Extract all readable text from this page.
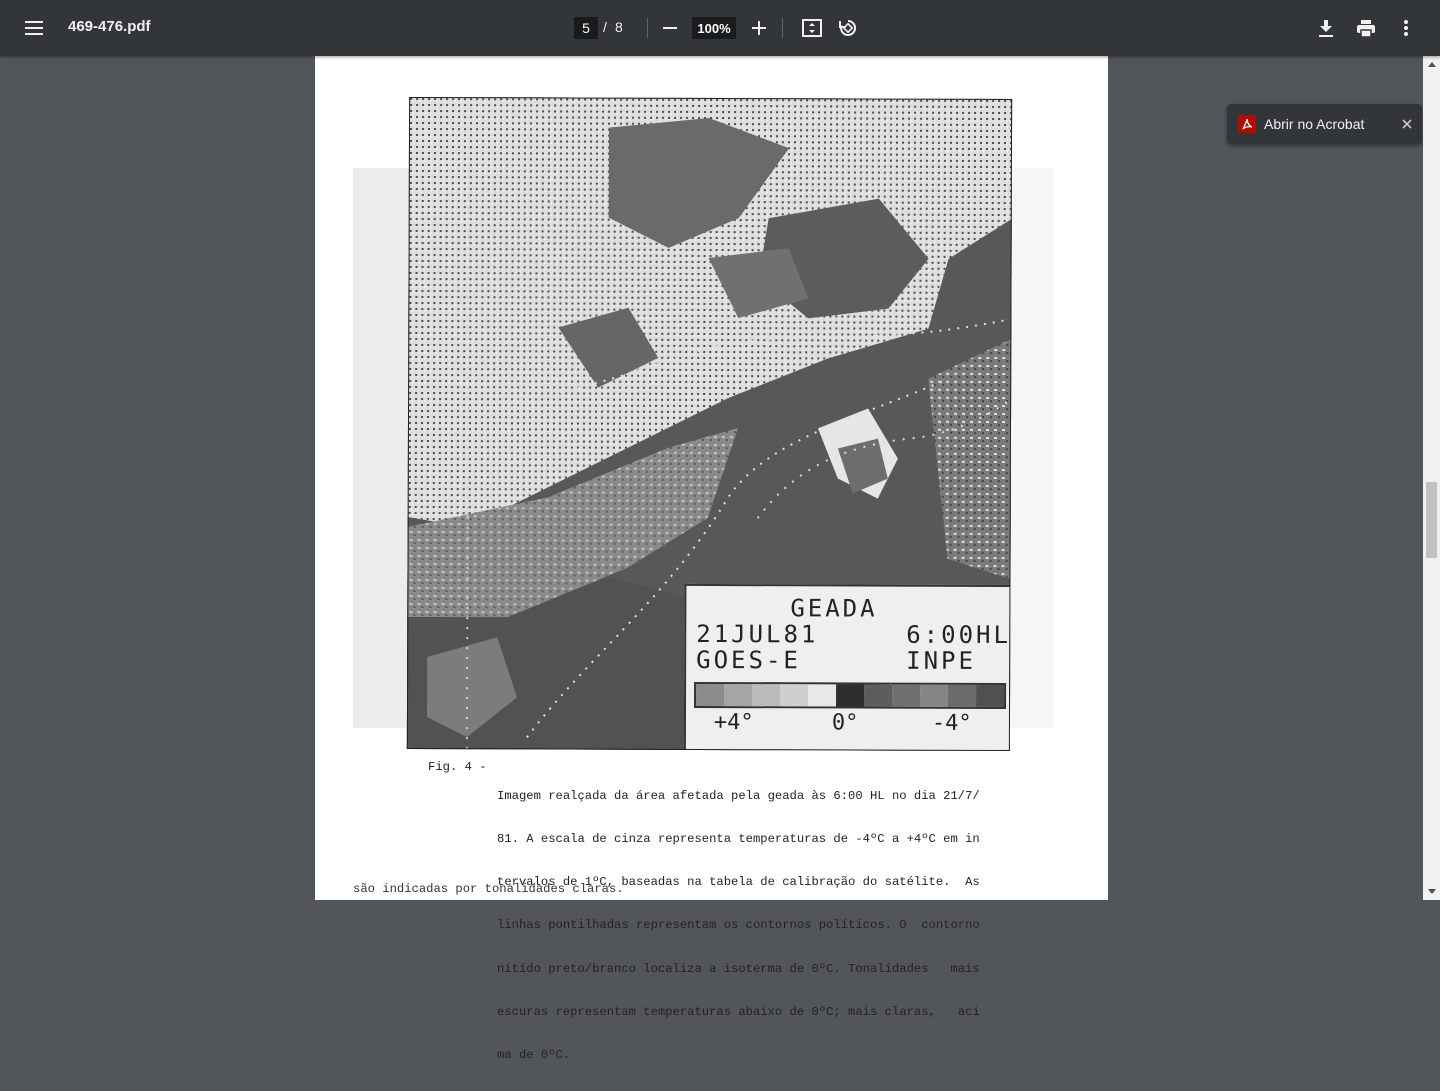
469-476.pdf	5 / 8	100%
GEADA
21JUL81	6:00HL
GOES-E	INPE
+4°	0°	-4°
Fig. 4 -

Imagem realçada da área afetada pela geada às 6:00 HL no dia 21/7/

81. A escala de cinza representa temperaturas de -4ºC a +4ºC em in

tervalos de 1ºC, baseadas na tabela de calibração do satélite.  As

linhas pontilhadas representam os contornos políticos. O  contorno

nítido preto/branco localiza a isoterma de 0ºC. Tonalidades   mais

escuras representam temperaturas abaixo de 0ºC; mais claras,   aci

ma de 0ºC.

são indicadas por tonalidades claras.
Abrir no Acrobat
